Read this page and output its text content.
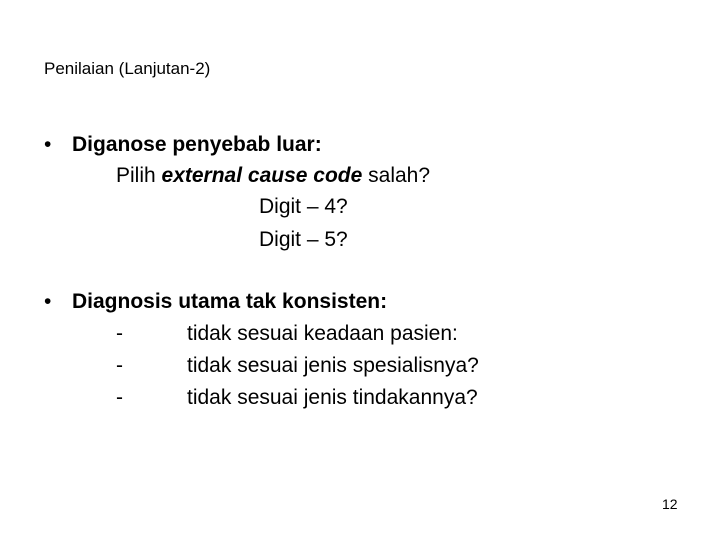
Penilaian (Lanjutan-2)
• Diganose penyebab luar:
Pilih external cause code salah?
Digit – 4?
Digit – 5?
• Diagnosis utama tak konsisten:
-	tidak sesuai keadaan pasien:
-	tidak sesuai jenis spesialisnya?
-	tidak sesuai jenis tindakannya?
12
